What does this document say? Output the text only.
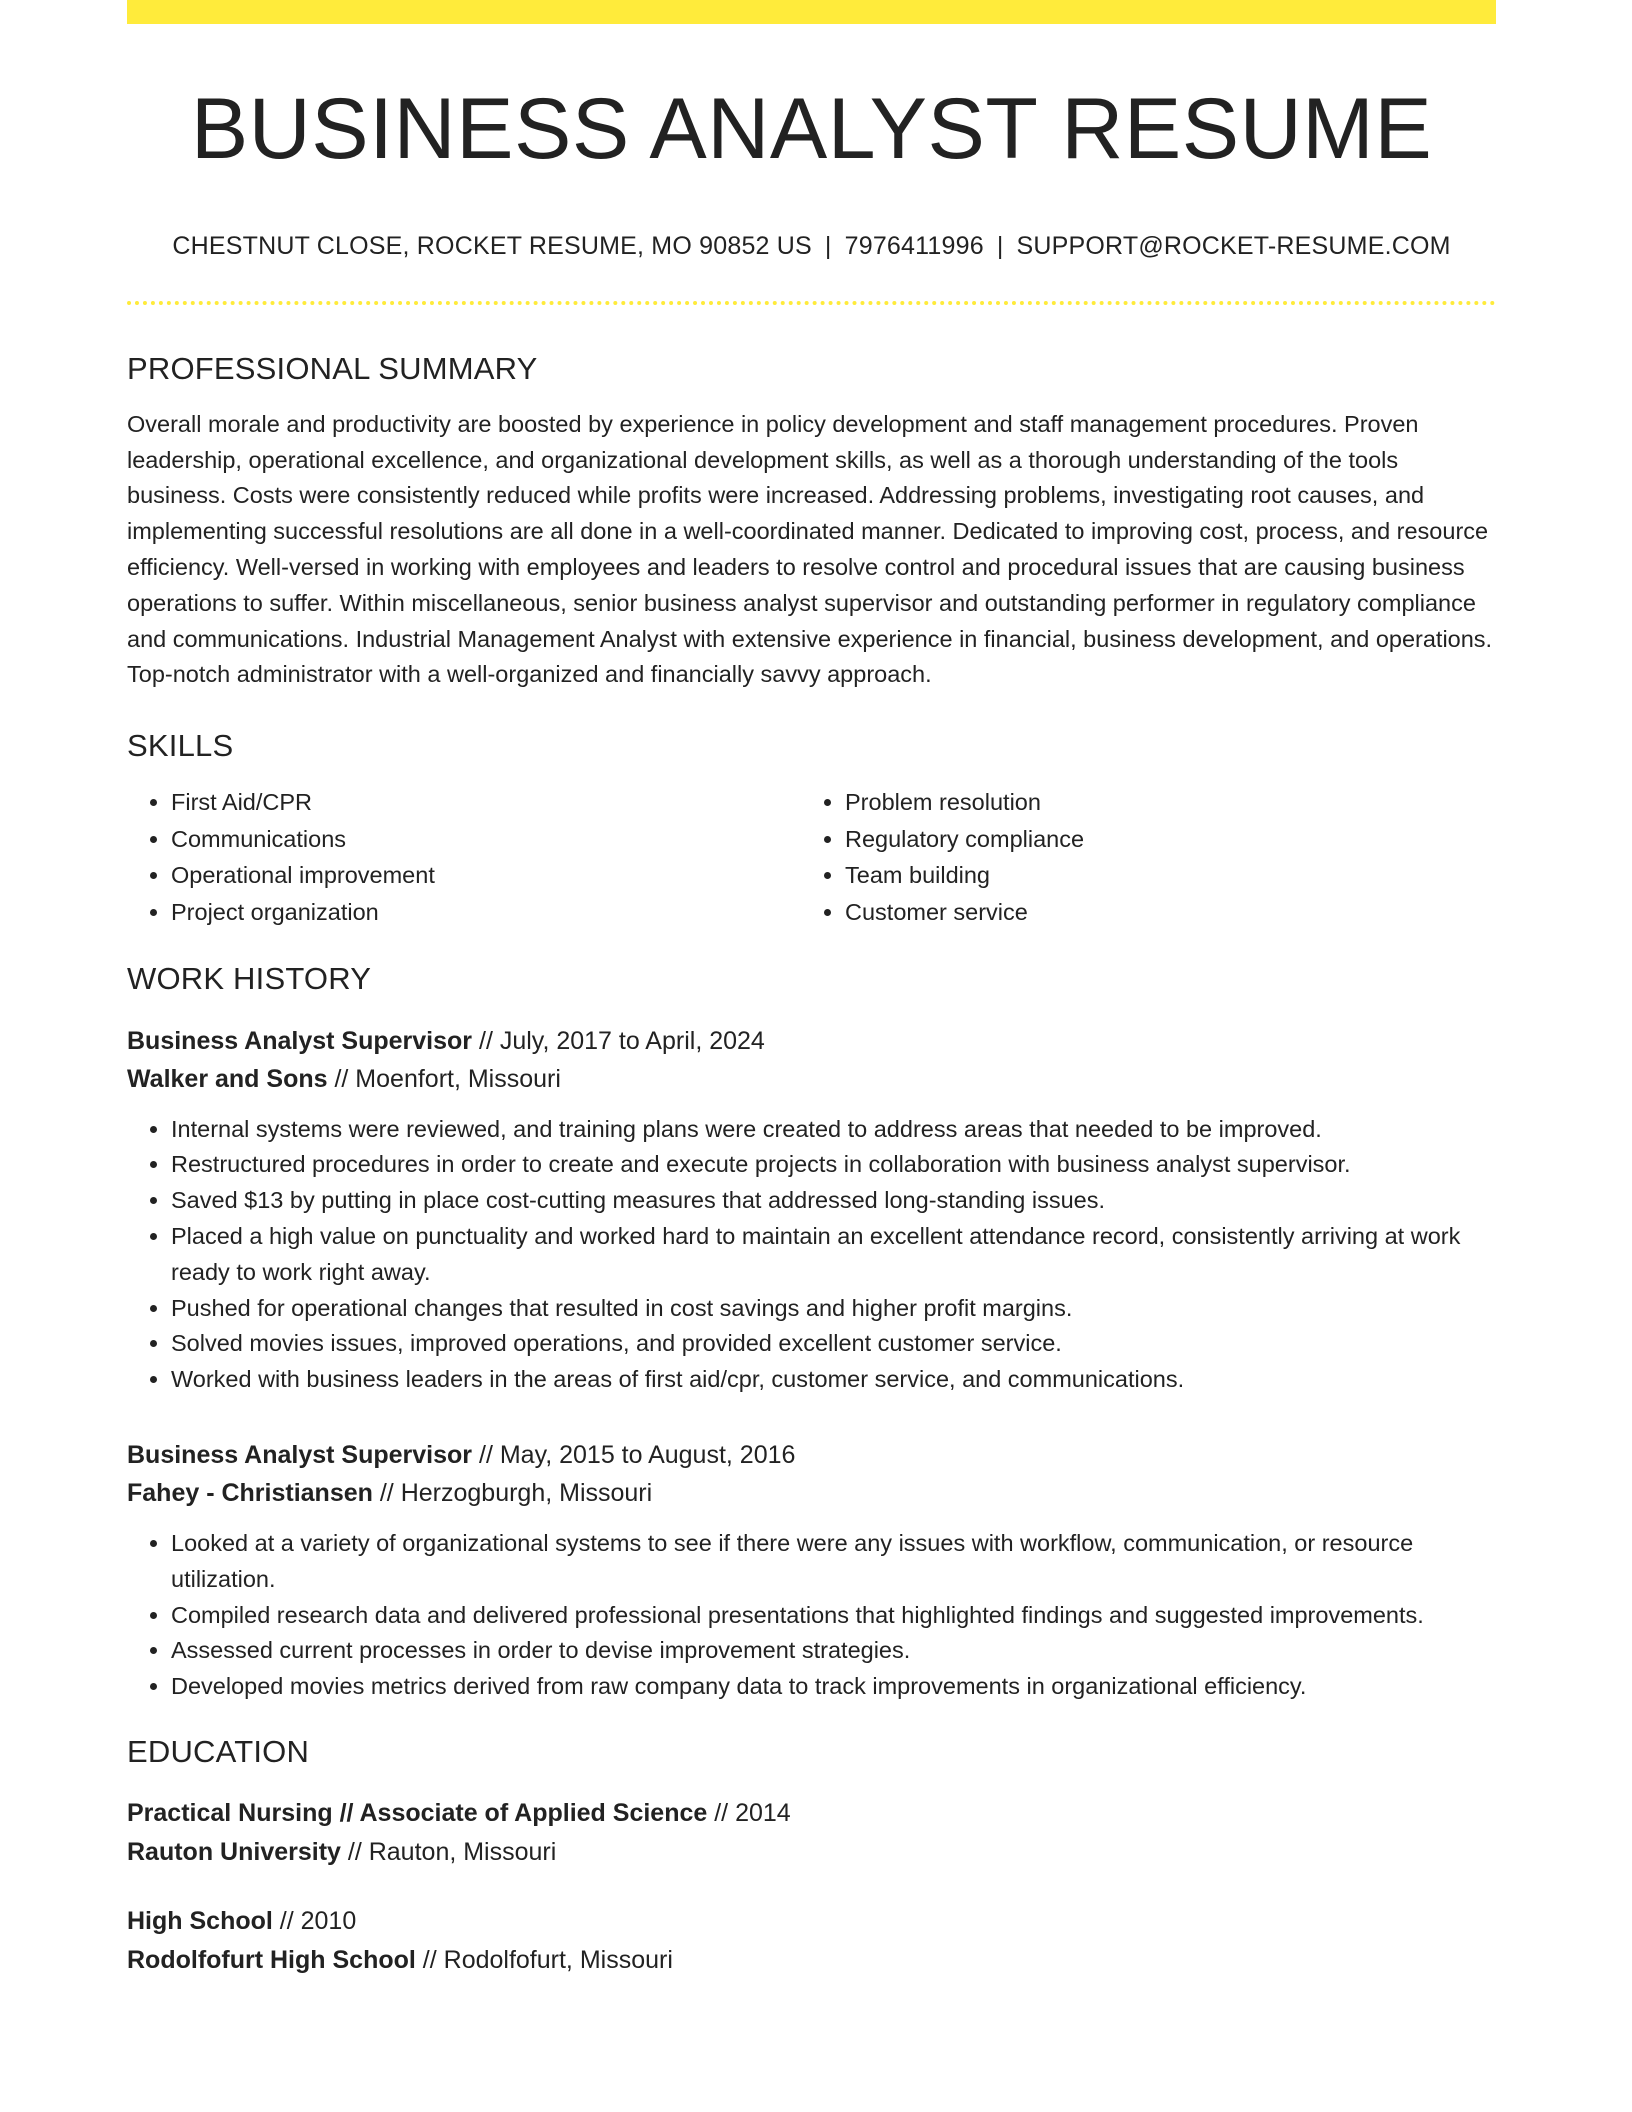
BUSINESS ANALYST RESUME
CHESTNUT CLOSE, ROCKET RESUME, MO 90852 US | 7976411996 | SUPPORT@ROCKET-RESUME.COM
PROFESSIONAL SUMMARY

Overall morale and productivity are boosted by experience in policy development and staff management procedures. Proven leadership, operational excellence, and organizational development skills, as well as a thorough understanding of the tools business. Costs were consistently reduced while profits were increased. Addressing problems, investigating root causes, and implementing successful resolutions are all done in a well-coordinated manner. Dedicated to improving cost, process, and resource efficiency. Well-versed in working with employees and leaders to resolve control and procedural issues that are causing business operations to suffer. Within miscellaneous, senior business analyst supervisor and outstanding performer in regulatory compliance and communications. Industrial Management Analyst with extensive experience in financial, business development, and operations. Top-notch administrator with a well-organized and financially savvy approach.

SKILLS
• First Aid/CPR
• Communications
• Operational improvement
• Project organization
• Problem resolution
• Regulatory compliance
• Team building
• Customer service
WORK HISTORY
Business Analyst Supervisor // July, 2017 to April, 2024
Walker and Sons // Moenfort, Missouri
• Internal systems were reviewed, and training plans were created to address areas that needed to be improved.
• Restructured procedures in order to create and execute projects in collaboration with business analyst supervisor.
• Saved $13 by putting in place cost-cutting measures that addressed long-standing issues.
• Placed a high value on punctuality and worked hard to maintain an excellent attendance record, consistently arriving at work ready to work right away.
• Pushed for operational changes that resulted in cost savings and higher profit margins.
• Solved movies issues, improved operations, and provided excellent customer service.
• Worked with business leaders in the areas of first aid/cpr, customer service, and communications.
Business Analyst Supervisor // May, 2015 to August, 2016
Fahey - Christiansen // Herzogburgh, Missouri
• Looked at a variety of organizational systems to see if there were any issues with workflow, communication, or resource utilization.
• Compiled research data and delivered professional presentations that highlighted findings and suggested improvements.
• Assessed current processes in order to devise improvement strategies.
• Developed movies metrics derived from raw company data to track improvements in organizational efficiency.
EDUCATION
Practical Nursing // Associate of Applied Science // 2014
Rauton University // Rauton, Missouri
High School // 2010
Rodolfofurt High School // Rodolfofurt, Missouri
